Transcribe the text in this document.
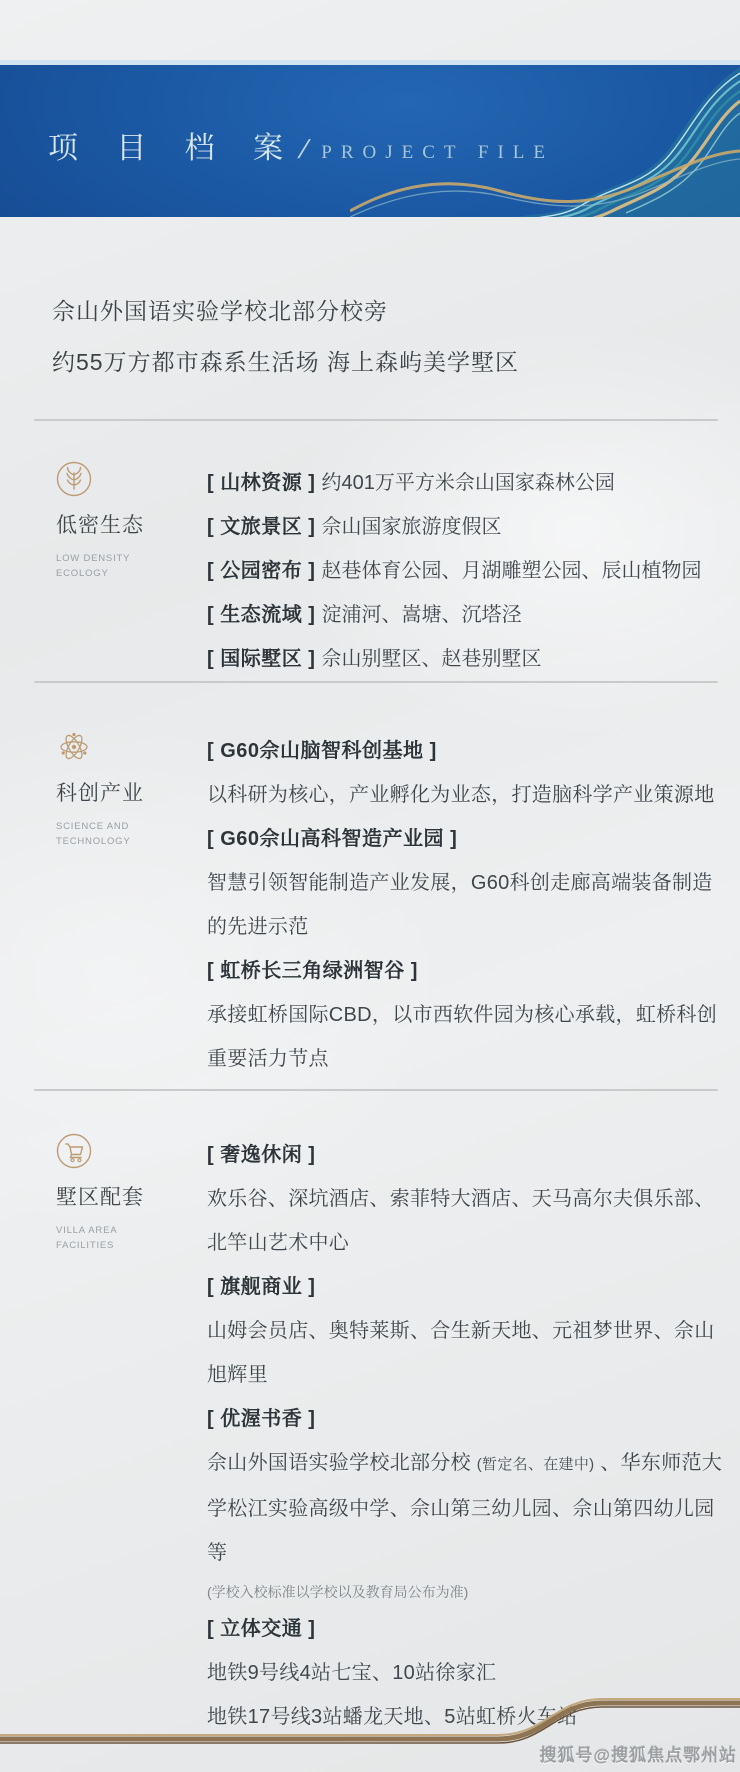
项 目 档 案 / PROJECT FILE
佘山外国语实验学校北部分校旁
约55万方都市森系生活场 海上森屿美学墅区
低密生态
LOW DENSITY
ECOLOGY
[ 山林资源 ] 约401万平方米佘山国家森林公园
[ 文旅景区 ] 佘山国家旅游度假区
[ 公园密布 ] 赵巷体育公园、月湖雕塑公园、辰山植物园
[ 生态流域 ] 淀浦河、嵩塘、沉塔泾
[ 国际墅区 ] 佘山别墅区、赵巷别墅区
科创产业
SCIENCE AND
TECHNOLOGY
[ G60佘山脑智科创基地 ]

以科研为核心，产业孵化为业态，打造脑科学产业策源地

[ G60佘山高科智造产业园 ]

智慧引领智能制造产业发展，G60科创走廊高端装备制造的先进示范

[ 虹桥长三角绿洲智谷 ]

承接虹桥国际CBD，以市西软件园为核心承载，虹桥科创重要活力节点

墅区配套
VILLA AREA
FACILITIES
[ 奢逸休闲 ]

欢乐谷、深坑酒店、索菲特大酒店、天马高尔夫俱乐部、北竿山艺术中心

[ 旗舰商业 ]

山姆会员店、奥特莱斯、合生新天地、元祖梦世界、佘山旭辉里

[ 优渥书香 ]

佘山外国语实验学校北部分校 (暂定名、在建中) 、华东师范大学松江实验高级中学、佘山第三幼儿园、佘山第四幼儿园等

(学校入校标准以学校以及教育局公布为准)
[ 立体交通 ]

地铁9号线4站七宝、10站徐家汇

地铁17号线3站蟠龙天地、5站虹桥火车站

搜狐号@搜狐焦点鄂州站
